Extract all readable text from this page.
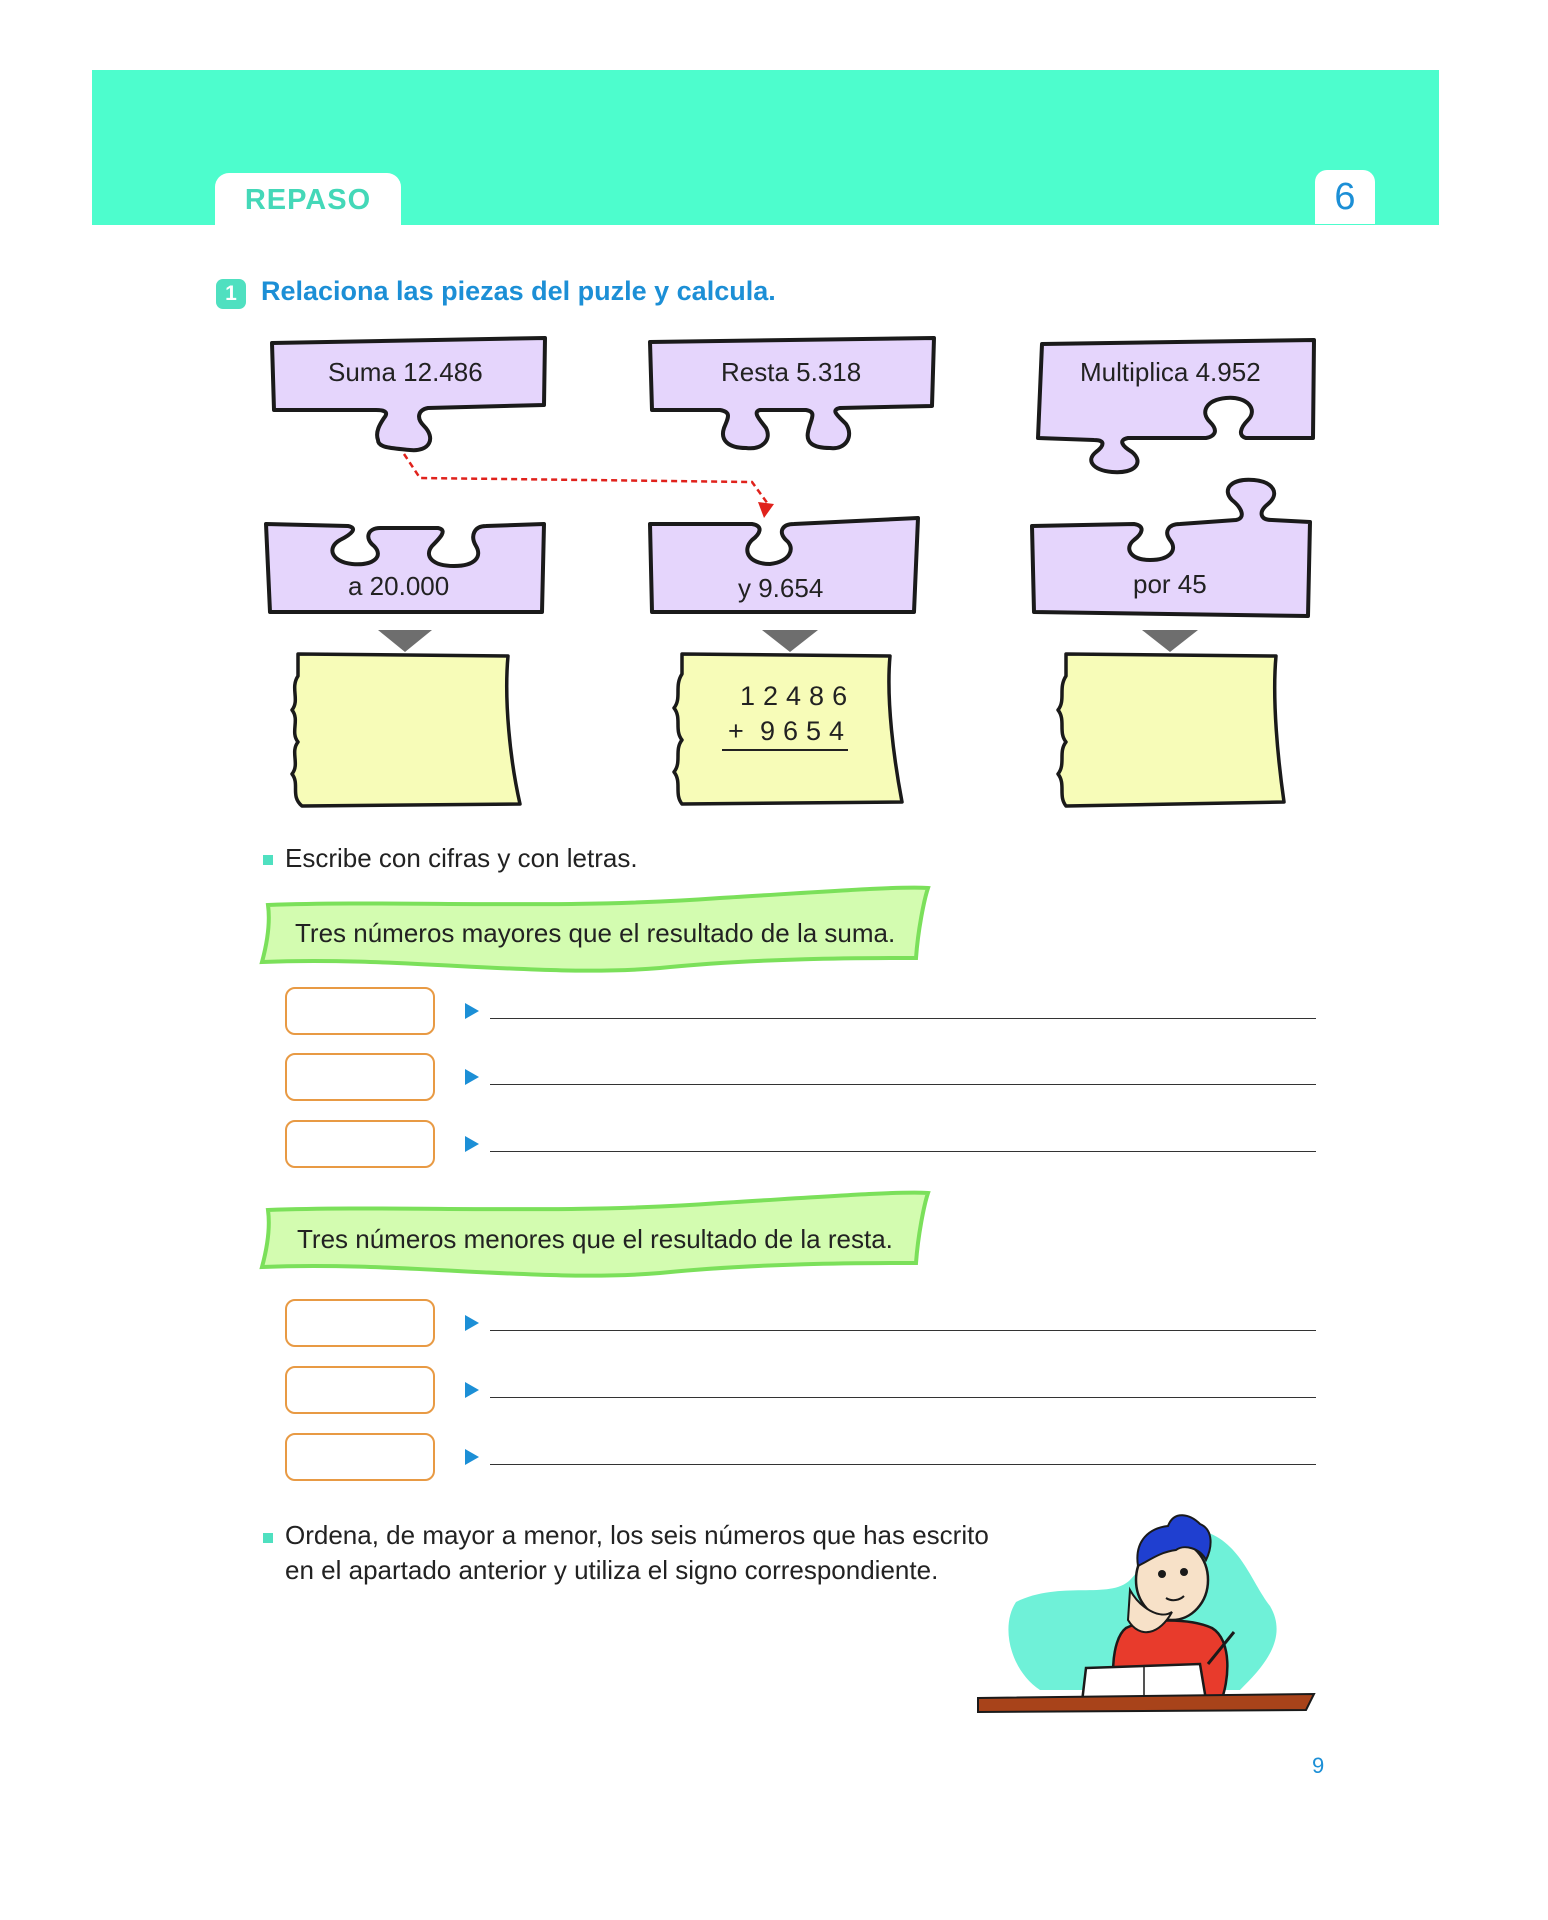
REPASO	6
1 Relaciona las piezas del puzle y calcula.
Suma 12.486	Resta 5.318	Multiplica 4.952
a 20.000	y 9.654	por 45
12486
+ 9654
Escribe con cifras y con letras.
Tres números mayores que el resultado de la suma.
Tres números menores que el resultado de la resta.
Ordena, de mayor a menor, los seis números que has escrito
en el apartado anterior y utiliza el signo correspondiente.
9
